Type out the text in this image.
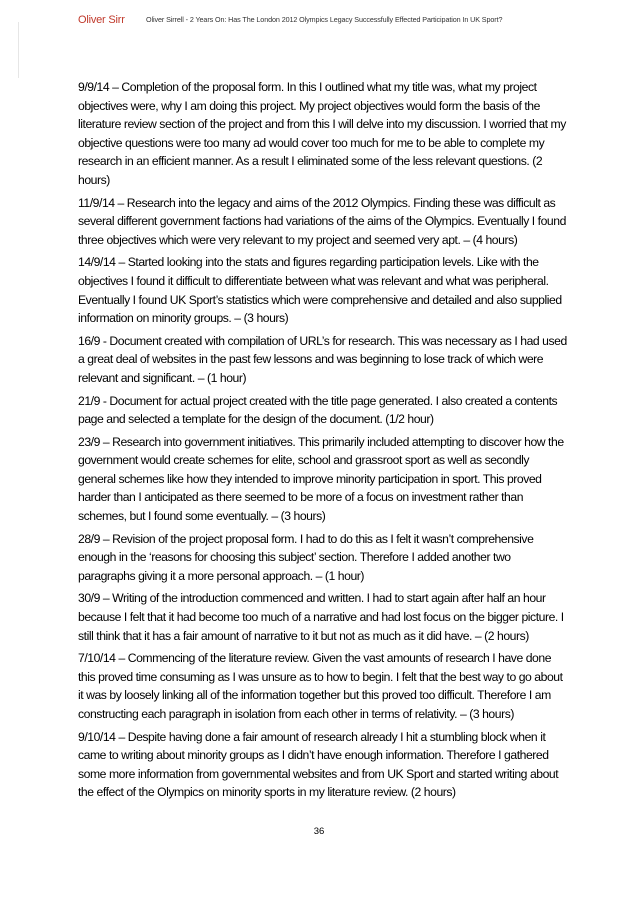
Oliver Sirr	Oliver Sirrell - 2 Years On: Has The London 2012 Olympics Legacy Successfully Effected Participation In UK Sport?

9/9/14 – Completion of the proposal form. In this I outlined what my title was, what my project objectives were, why I am doing this project. My project objectives would form the basis of the literature review section of the project and from this I will delve into my discussion. I worried that my objective questions were too many ad would cover too much for me to be able to complete my research in an efficient manner. As a result I eliminated some of the less relevant questions. (2 hours)

11/9/14 – Research into the legacy and aims of the 2012 Olympics. Finding these was difficult as several different government factions had variations of the aims of the Olympics. Eventually I found three objectives which were very relevant to my project and seemed very apt. – (4 hours)

14/9/14 – Started looking into the stats and figures regarding participation levels. Like with the objectives I found it difficult to differentiate between what was relevant and what was peripheral. Eventually I found UK Sport’s statistics which were comprehensive and detailed and also supplied information on minority groups. – (3 hours)

16/9 - Document created with compilation of URL’s for research. This was necessary as I had used a great deal of websites in the past few lessons and was beginning to lose track of which were relevant and significant. – (1 hour)

21/9 - Document for actual project created with the title page generated. I also created a contents page and selected a template for the design of the document. (1/2 hour)

23/9 – Research into government initiatives. This primarily included attempting to discover how the government would create schemes for elite, school and grassroot sport as well as secondly general schemes like how they intended to improve minority participation in sport. This proved harder than I anticipated as there seemed to be more of a focus on investment rather than schemes, but I found some eventually. – (3 hours)

28/9 – Revision of the project proposal form. I had to do this as I felt it wasn’t comprehensive enough in the ‘reasons for choosing this subject’ section. Therefore I added another two paragraphs giving it a more personal approach. – (1 hour)

30/9 – Writing of the introduction commenced and written. I had to start again after half an hour because I felt that it had become too much of a narrative and had lost focus on the bigger picture. I still think that it has a fair amount of narrative to it but not as much as it did have. – (2 hours)

7/10/14 – Commencing of the literature review. Given the vast amounts of research I have done this proved time consuming as I was unsure as to how to begin. I felt that the best way to go about it was by loosely linking all of the information together but this proved too difficult. Therefore I am constructing each paragraph in isolation from each other in terms of relativity. – (3 hours)

9/10/14 – Despite having done a fair amount of research already I hit a stumbling block when it came to writing about minority groups as I didn’t have enough information. Therefore I gathered some more information from governmental websites and from UK Sport and started writing about the effect of the Olympics on minority sports in my literature review. (2 hours)

36
